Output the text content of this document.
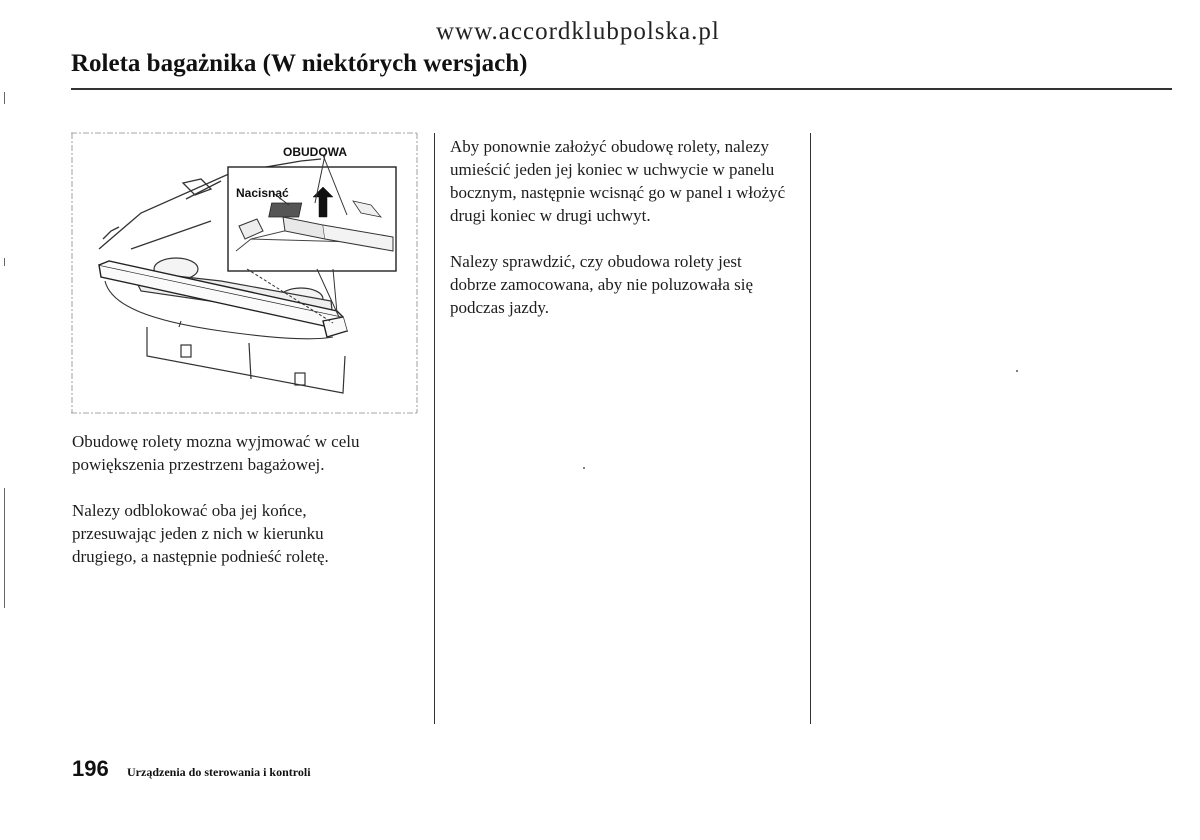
www.accordklubpolska.pl
Roleta bagażnika (W niektórych wersjach)
OBUDOWA
Nacisnąć

Obudowę rolety mozna wyjmować w celu powiększenia przestrzenı bagażowej.

Nalezy odblokować oba jej końce, przesuwając jeden z nich w kierunku drugiego, a następnie podnieść roletę.

Aby ponownie założyć obudowę rolety, nalezy umieścić jeden jej koniec w uchwycie w panelu bocznym, następnie wcisnąć go w panel ı włożyć drugi koniec w drugi uchwyt.

Nalezy sprawdzić, czy obudowa rolety jest dobrze zamocowana, aby nie poluzowała się podczas jazdy.

196 Urządzenia do sterowania i kontroli
